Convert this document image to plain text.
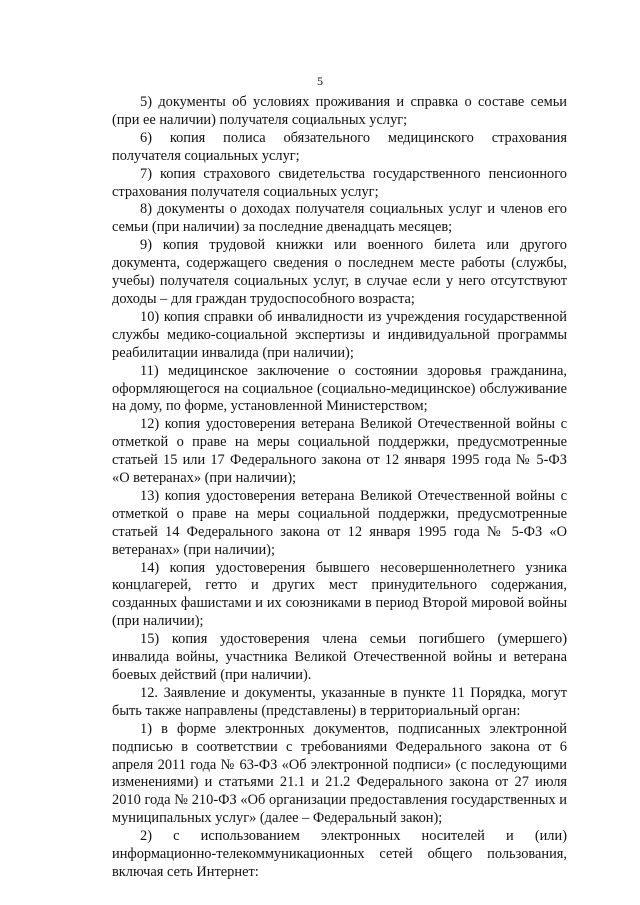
5

5) документы об условиях проживания и справка о составе семьи (при ее наличии) получателя социальных услуг;

6) копия полиса обязательного медицинского страхования получателя социальных услуг;

7) копия страхового свидетельства государственного пенсионного страхования получателя социальных услуг;

8) документы о доходах получателя социальных услуг и членов его семьи (при наличии) за последние двенадцать месяцев;

9) копия трудовой книжки или военного билета или другого документа, содержащего сведения о последнем месте работы (службы, учебы) получателя социальных услуг, в случае если у него отсутствуют доходы – для граждан трудоспособного возраста;

10) копия справки об инвалидности из учреждения государственной службы медико-социальной экспертизы и индивидуальной программы реабилитации инвалида (при наличии);

11) медицинское заключение о состоянии здоровья гражданина, оформляющегося на социальное (социально-медицинское) обслуживание на дому, по форме, установленной Министерством;

12) копия удостоверения ветерана Великой Отечественной войны с отметкой о праве на меры социальной поддержки, предусмотренные статьей 15 или 17 Федерального закона от 12 января 1995 года № 5-ФЗ «О ветеранах» (при наличии);

13) копия удостоверения ветерана Великой Отечественной войны с отметкой о праве на меры социальной поддержки, предусмотренные статьей 14 Федерального закона от 12 января 1995 года № 5-ФЗ «О ветеранах» (при наличии);

14) копия удостоверения бывшего несовершеннолетнего узника концлагерей, гетто и других мест принудительного содержания, созданных фашистами и их союзниками в период Второй мировой войны (при наличии);

15) копия удостоверения члена семьи погибшего (умершего) инвалида войны, участника Великой Отечественной войны и ветерана боевых действий (при наличии).

12. Заявление и документы, указанные в пункте 11 Порядка, могут быть также направлены (представлены) в территориальный орган:

1) в форме электронных документов, подписанных электронной подписью в соответствии с требованиями Федерального закона от 6 апреля 2011 года № 63-ФЗ «Об электронной подписи» (с последующими изменениями) и статьями 21.1 и 21.2 Федерального закона от 27 июля 2010 года № 210-ФЗ «Об организации предоставления государственных и муниципальных услуг» (далее – Федеральный закон);

2) с использованием электронных носителей и (или) информационно-телекоммуникационных сетей общего пользования, включая сеть Интернет:
